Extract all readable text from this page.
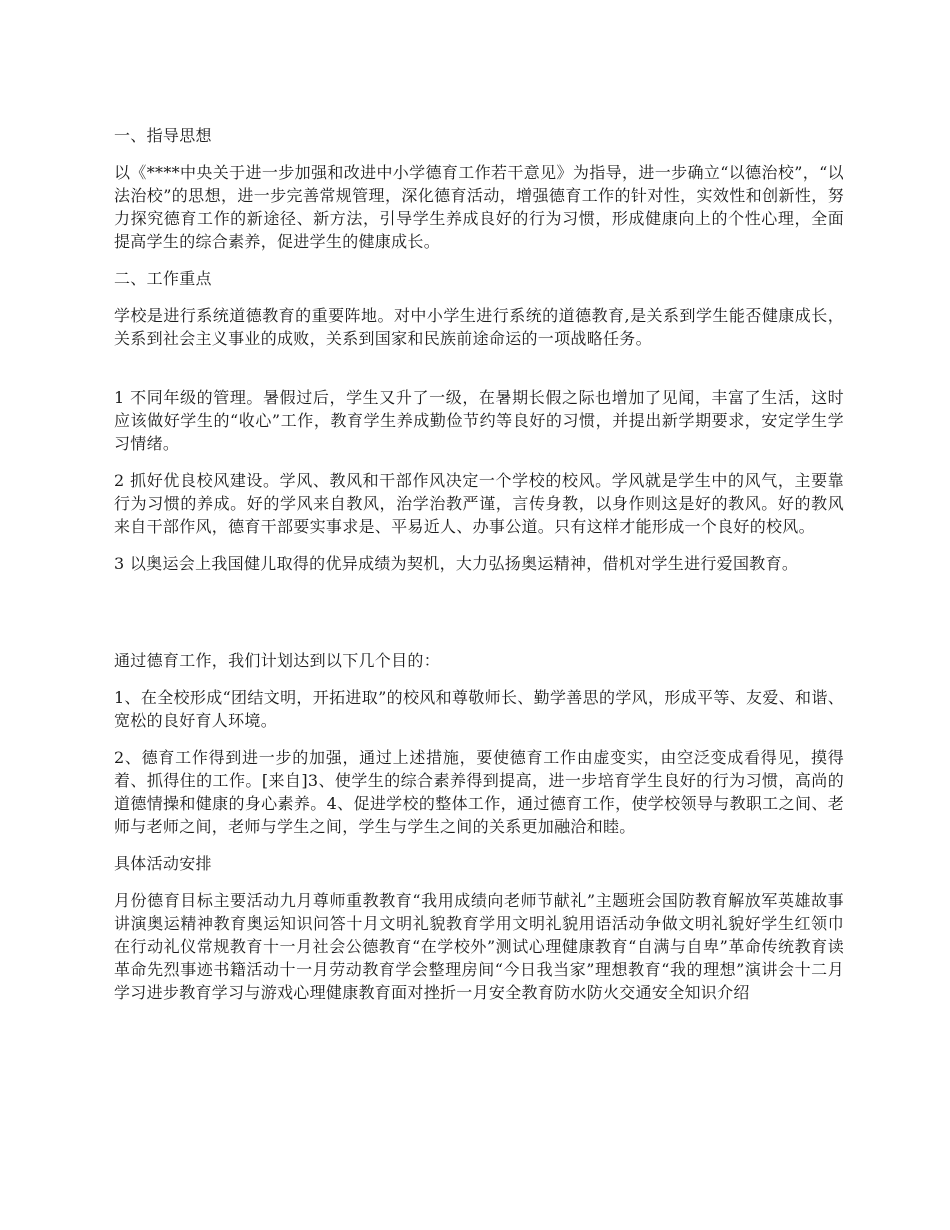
一、指导思想

以《****中央关于进一步加强和改进中小学德育工作若干意见》为指导，进一步确立“以德治校”，“以法治校”的思想，进一步完善常规管理，深化德育活动，增强德育工作的针对性，实效性和创新性，努力探究德育工作的新途径、新方法，引导学生养成良好的行为习惯，形成健康向上的个性心理，全面提高学生的综合素养，促进学生的健康成长。

二、工作重点

学校是进行系统道德教育的重要阵地。对中小学生进行系统的道德教育,是关系到学生能否健康成长，关系到社会主义事业的成败，关系到国家和民族前途命运的一项战略任务。

1 不同年级的管理。暑假过后，学生又升了一级，在暑期长假之际也增加了见闻，丰富了生活，这时应该做好学生的“收心”工作，教育学生养成勤俭节约等良好的习惯，并提出新学期要求，安定学生学习情绪。

2 抓好优良校风建设。学风、教风和干部作风决定一个学校的校风。学风就是学生中的风气，主要靠行为习惯的养成。好的学风来自教风，治学治教严谨，言传身教，以身作则这是好的教风。好的教风来自干部作风，德育干部要实事求是、平易近人、办事公道。只有这样才能形成一个良好的校风。

3 以奥运会上我国健儿取得的优异成绩为契机，大力弘扬奥运精神，借机对学生进行爱国教育。

通过德育工作，我们计划达到以下几个目的：

1、在全校形成“团结文明，开拓进取”的校风和尊敬师长、勤学善思的学风，形成平等、友爱、和谐、宽松的良好育人环境。

2、德育工作得到进一步的加强，通过上述措施，要使德育工作由虚变实，由空泛变成看得见，摸得着、抓得住的工作。[来自]3、使学生的综合素养得到提高，进一步培育学生良好的行为习惯，高尚的道德情操和健康的身心素养。4、促进学校的整体工作，通过德育工作，使学校领导与教职工之间、老师与老师之间，老师与学生之间，学生与学生之间的关系更加融洽和睦。

具体活动安排

月份德育目标主要活动九月尊师重教教育“我用成绩向老师节献礼”主题班会国防教育解放军英雄故事讲演奥运精神教育奥运知识问答十月文明礼貌教育学用文明礼貌用语活动争做文明礼貌好学生红领巾在行动礼仪常规教育十一月社会公德教育“在学校外”测试心理健康教育“自满与自卑”革命传统教育读革命先烈事迹书籍活动十一月劳动教育学会整理房间“今日我当家”理想教育“我的理想”演讲会十二月学习进步教育学习与游戏心理健康教育面对挫折一月安全教育防水防火交通安全知识介绍
